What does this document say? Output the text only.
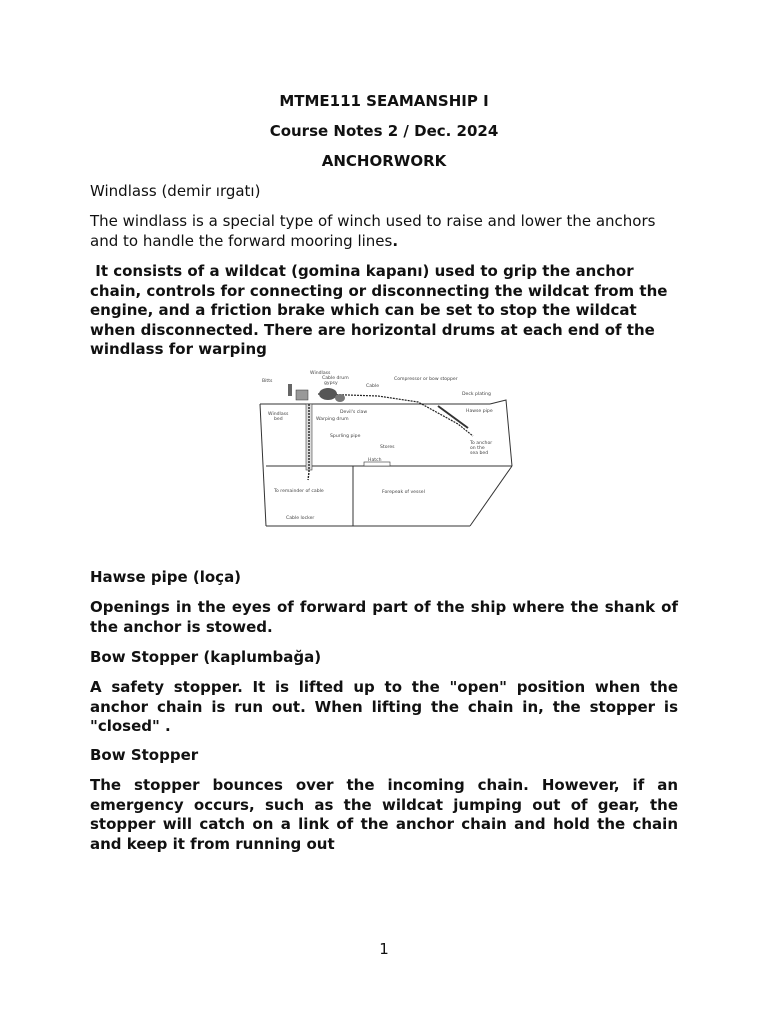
MTME111 SEAMANSHIP I
Course Notes 2 / Dec. 2024
ANCHORWORK

Windlass (demir ırgatı)

The windlass is a special type of winch used to raise and lower the anchors and to handle the forward mooring lines.

It consists of a wildcat (gomina kapanı) used to grip the anchor chain, controls for connecting or disconnecting the wildcat from the engine, and a friction brake which can be set to stop the wildcat when disconnected. There are horizontal drums at each end of the windlass for warping

Windlass
Bitts
Cable drum
gypsy
Cable
Compressor or bow stopper
Deck plating
Windlass
bed
Devil's claw
Warping drum
Hawse pipe
Spurling pipe
Stores
To anchor
on the
sea bed
Hatch
To remainder of cable	Forepeak of vessel
Cable locker

Hawse pipe (loça)

Openings in the eyes of forward part of the ship where the shank of the anchor is stowed.

Bow Stopper (kaplumbağa)

A safety stopper. It is lifted up to the "open" position when the anchor chain is run out. When lifting the chain in, the stopper is "closed" .

Bow Stopper

The stopper bounces over the incoming chain. However, if an emergency occurs, such as the wildcat jumping out of gear, the stopper will catch on a link of the anchor chain and hold the chain and keep it from running out

1
